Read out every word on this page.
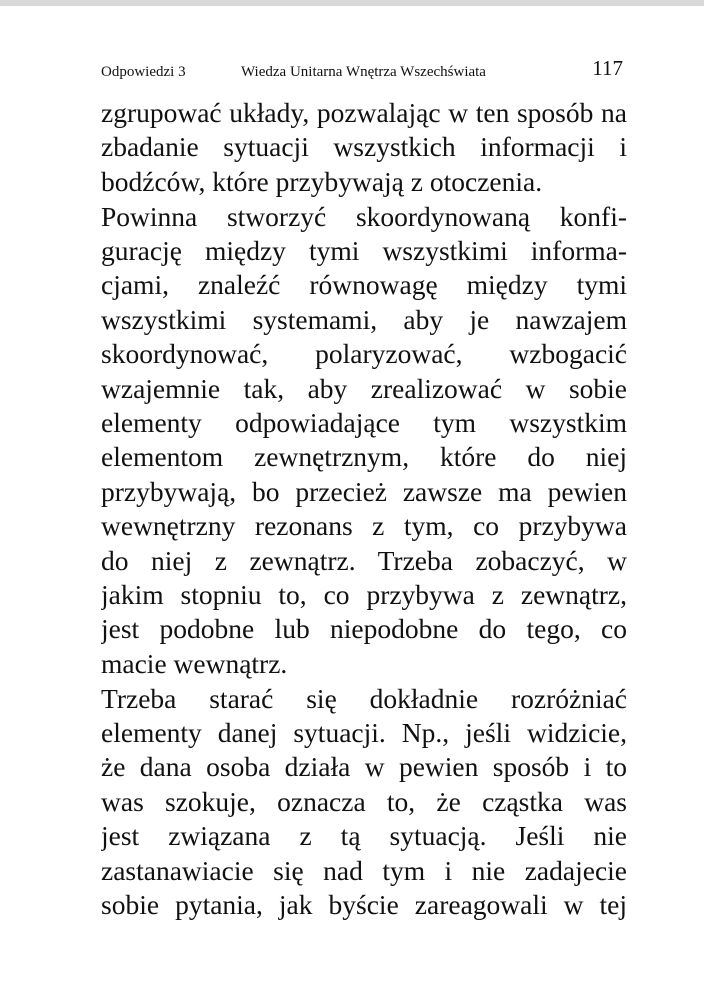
Odpowiedzi 3	Wiedza Unitarna Wnętrza Wszechświata	117
zgrupować układy, pozwalając w ten sposób na
zbadanie sytuacji wszystkich informacji i
bodźców, które przybywają z otoczenia.
Powinna stworzyć skoordynowaną konfi-
gurację między tymi wszystkimi informa-
cjami, znaleźć równowagę między tymi
wszystkimi systemami, aby je nawzajem
skoordynować, polaryzować, wzbogacić
wzajemnie tak, aby zrealizować w sobie
elementy odpowiadające tym wszystkim
elementom zewnętrznym, które do niej
przybywają, bo przecież zawsze ma pewien
wewnętrzny rezonans z tym, co przybywa
do niej z zewnątrz. Trzeba zobaczyć, w
jakim stopniu to, co przybywa z zewnątrz,
jest podobne lub niepodobne do tego, co
macie wewnątrz.
Trzeba starać się dokładnie rozróżniać
elementy danej sytuacji. Np., jeśli widzicie,
że dana osoba działa w pewien sposób i to
was szokuje, oznacza to, że cząstka was
jest związana z tą sytuacją. Jeśli nie
zastanawiacie się nad tym i nie zadajecie
sobie pytania, jak byście zareagowali w tej
